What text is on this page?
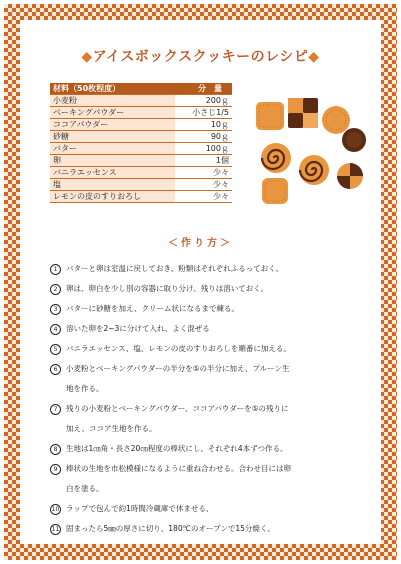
◆アイスボックスクッキーのレシピ◆
材料（50枚程度）	分　量
小麦粉	200ｇ
ベーキングパウダー	小さじ1/5
ココアパウダー	10ｇ
砂糖	90ｇ
バター	100ｇ
卵	1個
バニラエッセンス	少々
塩	少々
レモンの皮のすりおろし	少々
＜作り方＞
1	バターと卵は室温に戻しておき、粉類はそれぞれふるっておく。
2	卵は、卵白を少し別の容器に取り分け、残りは溶いておく。
3	バターに砂糖を加え、クリーム状になるまで練る。
4	溶いた卵を2~3に分けて入れ、よく混ぜる
5	バニラエッセンス、塩、レモンの皮のすりおろしを順番に加える。
6	小麦粉とベーキングパウダーの半分を⑤の半分に加え、プルーン生
地を作る。
7	残りの小麦粉とベーキングパウダー、ココアパウダーを⑤の残りに
加え、ココア生地を作る。
8	生地は1㎝角・長さ20㎝程度の棒状にし、それぞれ4本ずつ作る。
9	棒状の生地を市松模様になるように重ね合わせる。合わせ目には卵
白を塗る。
10 ラップで包んで約1時間冷蔵庫で休ませる、
11 固まったら5㎜の厚さに切り、180℃のオーブンで15分焼く。
